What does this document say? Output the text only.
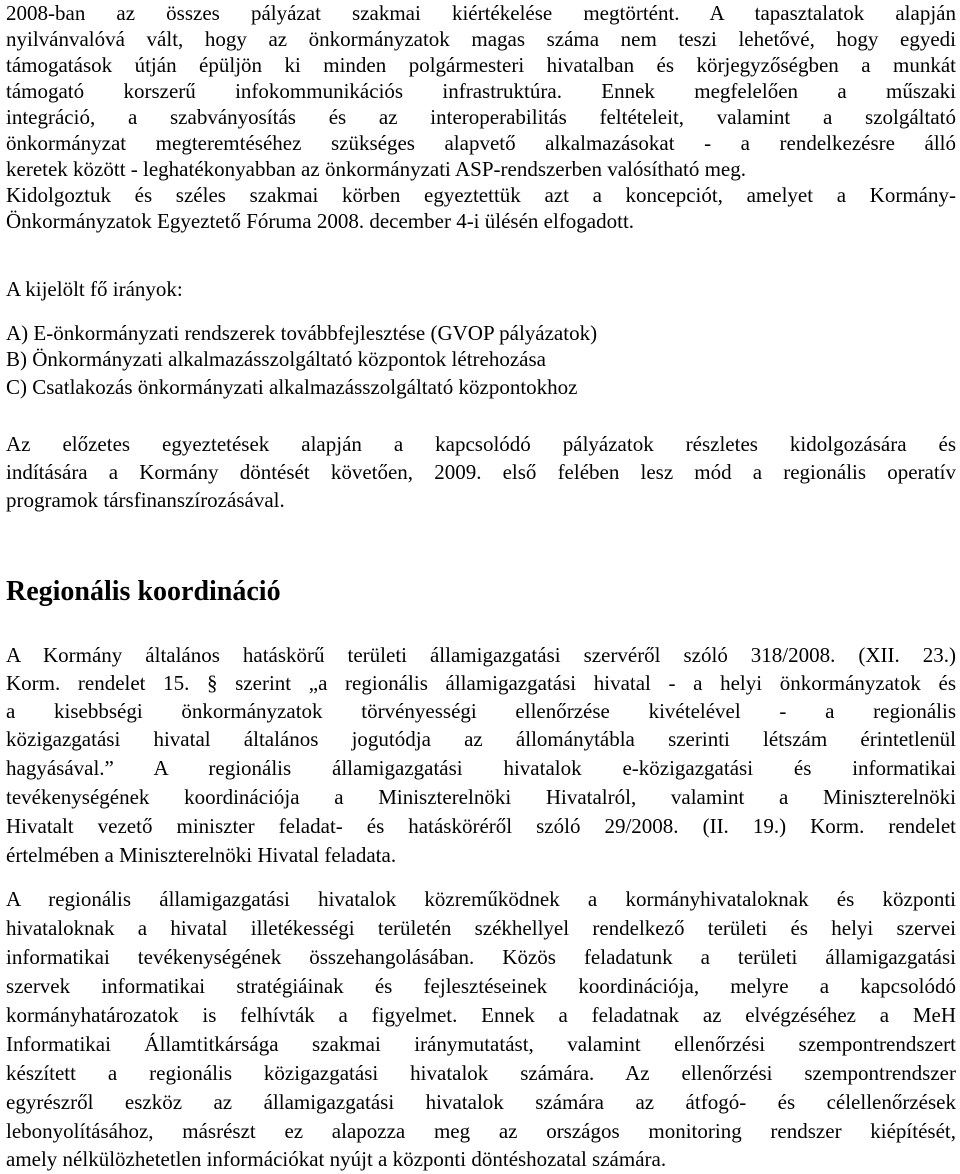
2008-ban az összes pályázat szakmai kiértékelése megtörtént. A tapasztalatok alapján
nyilvánvalóvá vált, hogy az önkormányzatok magas száma nem teszi lehetővé, hogy egyedi
támogatások útján épüljön ki minden polgármesteri hivatalban és körjegyzőségben a munkát
támogató korszerű infokommunikációs infrastruktúra. Ennek megfelelően a műszaki
integráció, a szabványosítás és az interoperabilitás feltételeit, valamint a szolgáltató
önkormányzat megteremtéséhez szükséges alapvető alkalmazásokat - a rendelkezésre álló
keretek között - leghatékonyabban az önkormányzati ASP-rendszerben valósítható meg.
Kidolgoztuk és széles szakmai körben egyeztettük azt a koncepciót, amelyet a Kormány-
Önkormányzatok Egyeztető Fóruma 2008. december 4-i ülésén elfogadott.
A kijelölt fő irányok:
A) E-önkormányzati rendszerek továbbfejlesztése (GVOP pályázatok)
B) Önkormányzati alkalmazásszolgáltató központok létrehozása
C) Csatlakozás önkormányzati alkalmazásszolgáltató központokhoz
Az előzetes egyeztetések alapján a kapcsolódó pályázatok részletes kidolgozására és
indítására a Kormány döntését követően, 2009. első felében lesz mód a regionális operatív
programok társfinanszírozásával.
Regionális koordináció
A Kormány általános hatáskörű területi államigazgatási szervéről szóló 318/2008. (XII. 23.)
Korm. rendelet 15. § szerint „a regionális államigazgatási hivatal - a helyi önkormányzatok és
a kisebbségi önkormányzatok törvényességi ellenőrzése kivételével - a regionális
közigazgatási hivatal általános jogutódja az állománytábla szerinti létszám érintetlenül
hagyásával.” A regionális államigazgatási hivatalok e-közigazgatási és informatikai
tevékenységének koordinációja a Miniszterelnöki Hivatalról, valamint a Miniszterelnöki
Hivatalt vezető miniszter feladat- és hatásköréről szóló 29/2008. (II. 19.) Korm. rendelet
értelmében a Miniszterelnöki Hivatal feladata.
A regionális államigazgatási hivatalok közreműködnek a kormányhivataloknak és központi
hivataloknak a hivatal illetékességi területén székhellyel rendelkező területi és helyi szervei
informatikai tevékenységének összehangolásában. Közös feladatunk a területi államigazgatási
szervek informatikai stratégiáinak és fejlesztéseinek koordinációja, melyre a kapcsolódó
kormányhatározatok is felhívták a figyelmet. Ennek a feladatnak az elvégzéséhez a MeH
Informatikai Államtitkársága szakmai iránymutatást, valamint ellenőrzési szempontrendszert
készített a regionális közigazgatási hivatalok számára. Az ellenőrzési szempontrendszer
egyrészről eszköz az államigazgatási hivatalok számára az átfogó- és célellenőrzések
lebonyolításához, másrészt ez alapozza meg az országos monitoring rendszer kiépítését,
amely nélkülözhetetlen információkat nyújt a központi döntéshozatal számára.
